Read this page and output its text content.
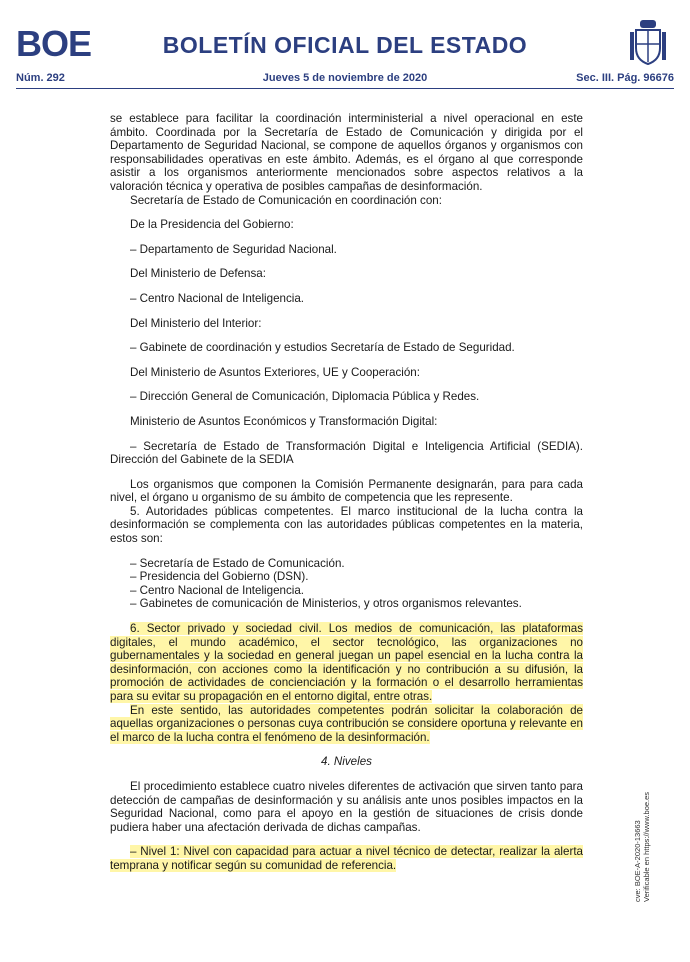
BOE	BOLETÍN OFICIAL DEL ESTADO
Núm. 292	Jueves 5 de noviembre de 2020	Sec. III. Pág. 96676

se establece para facilitar la coordinación interministerial a nivel operacional en este ámbito. Coordinada por la Secretaría de Estado de Comunicación y dirigida por el Departamento de Seguridad Nacional, se compone de aquellos órganos y organismos con responsabilidades operativas en este ámbito. Además, es el órgano al que corresponde asistir a los organismos anteriormente mencionados sobre aspectos relativos a la valoración técnica y operativa de posibles campañas de desinformación.

Secretaría de Estado de Comunicación en coordinación con:

De la Presidencia del Gobierno:

– Departamento de Seguridad Nacional.

Del Ministerio de Defensa:

– Centro Nacional de Inteligencia.

Del Ministerio del Interior:

– Gabinete de coordinación y estudios Secretaría de Estado de Seguridad.

Del Ministerio de Asuntos Exteriores, UE y Cooperación:

– Dirección General de Comunicación, Diplomacia Pública y Redes.

Ministerio de Asuntos Económicos y Transformación Digital:

– Secretaría de Estado de Transformación Digital e Inteligencia Artificial (SEDIA). Dirección del Gabinete de la SEDIA

Los organismos que componen la Comisión Permanente designarán, para para cada nivel, el órgano u organismo de su ámbito de competencia que les represente.

5. Autoridades públicas competentes. El marco institucional de la lucha contra la desinformación se complementa con las autoridades públicas competentes en la materia, estos son:

– Secretaría de Estado de Comunicación.

– Presidencia del Gobierno (DSN).

– Centro Nacional de Inteligencia.

– Gabinetes de comunicación de Ministerios, y otros organismos relevantes.

6. Sector privado y sociedad civil. Los medios de comunicación, las plataformas digitales, el mundo académico, el sector tecnológico, las organizaciones no gubernamentales y la sociedad en general juegan un papel esencial en la lucha contra la desinformación, con acciones como la identificación y no contribución a su difusión, la promoción de actividades de concienciación y la formación o el desarrollo herramientas para su evitar su propagación en el entorno digital, entre otras.

En este sentido, las autoridades competentes podrán solicitar la colaboración de aquellas organizaciones o personas cuya contribución se considere oportuna y relevante en el marco de la lucha contra el fenómeno de la desinformación.

4. Niveles

El procedimiento establece cuatro niveles diferentes de activación que sirven tanto para detección de campañas de desinformación y su análisis ante unos posibles impactos en la Seguridad Nacional, como para el apoyo en la gestión de situaciones de crisis donde pudiera haber una afectación derivada de dichas campañas.

– Nivel 1: Nivel con capacidad para actuar a nivel técnico de detectar, realizar la alerta temprana y notificar según su comunidad de referencia.	cve: BOE-A-2020-13663 Verificable en https://www.boe.es
